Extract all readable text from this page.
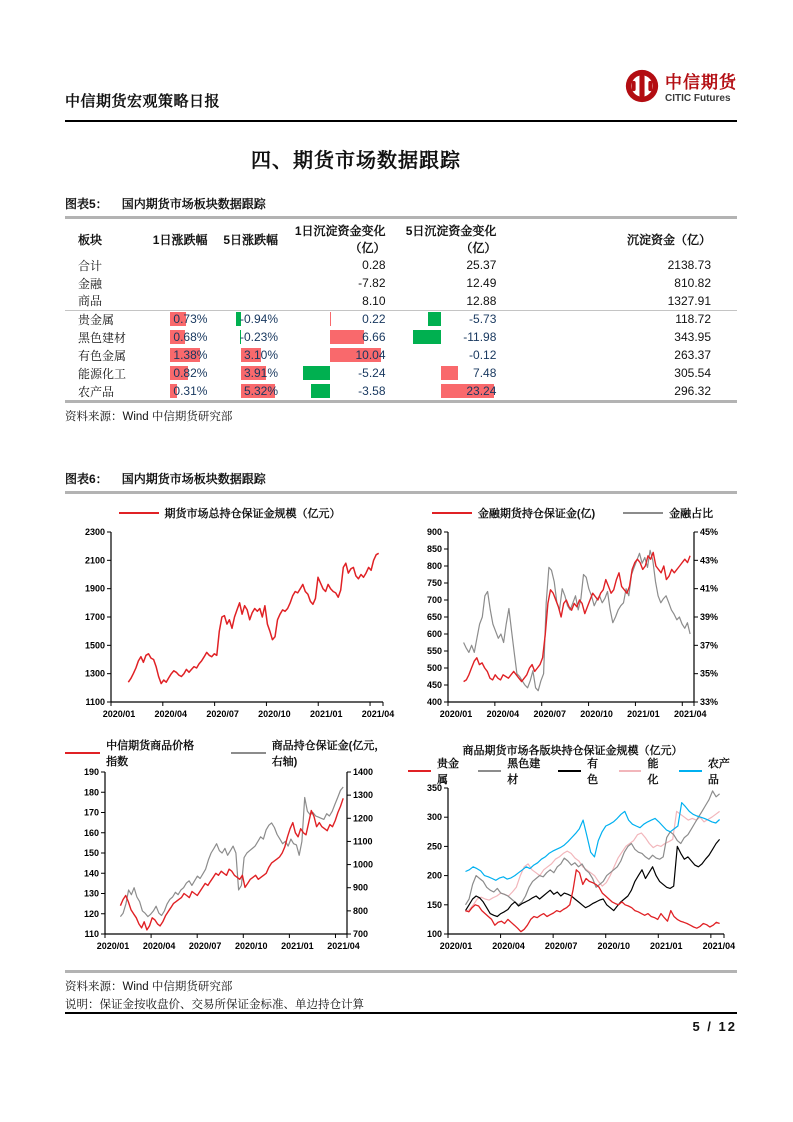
中信期货宏观策略日报
中信期货
CITIC Futures
四、期货市场数据跟踪
图表5： 国内期货市场板块数据跟踪
板块	1日涨跌幅	5日涨跌幅	1日沉淀资金变化（亿）	5日沉淀资金变化（亿）	沉淀资金（亿）
合计			0.28	25.37	2138.73
金融			-7.82	12.49	810.82
商品			8.10	12.88	1327.91
贵金属	0.73%	-0.94%	0.22	-5.73	118.72
黑色建材	0.68%	-0.23%	6.66	-11.98	343.95
有色金属	1.38%	3.10%	10.04	-0.12	263.37
能源化工	0.82%	3.91%	-5.24	7.48	305.54
农产品	0.31%	5.32%	-3.58	23.24	296.32
资料来源：Wind 中信期货研究部
图表6： 国内期货市场板块数据跟踪
期货市场总持仓保证金规模（亿元）
2300
2100
1900
1700
1500
1300
1100
2020/01 2020/04 2020/07 2020/10 2021/01 2021/04
金融期货持仓保证金(亿)	金融占比
900
850
800
750
700
650
600
550
500
450
400
45%
43%
41%
39%
37%
35%
33%
2020/01 2020/04 2020/07 2020/10 2021/01 2021/04
中信期货商品价格指数
商品持仓保证金(亿元，右轴)
190
180
170
160
150
140
130
120
110
1400
1300
1200
1100
1000
900
800
700
2020/01 2020/04 2020/07 2020/10 2021/01 2021/04
商品期货市场各版块持仓保证金规模（亿元）
贵金属
黑色建材
有色
能化
农产品
350
300
250
200
150
100
2020/01 2020/04 2020/07 2020/10 2021/01 2021/04
资料来源：Wind 中信期货研究部
说明：保证金按收盘价、交易所保证金标准、单边持仓计算
5 / 12
